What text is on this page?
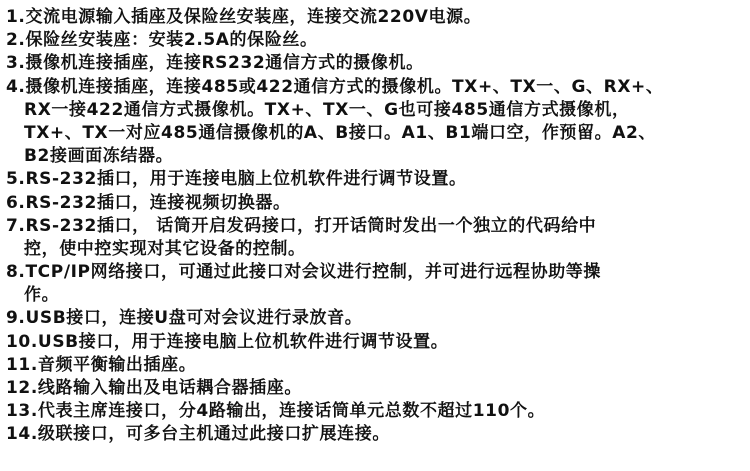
1.交流电源输入插座及保险丝安装座，连接交流220V电源。
2.保险丝安装座：安装2.5A的保险丝。
3.摄像机连接插座，连接RS232通信方式的摄像机。
4.摄像机连接插座，连接485或422通信方式的摄像机。TX+、TX一、G、RX+、
RX一接422通信方式摄像机。TX+、TX一、G也可接485通信方式摄像机，
TX+、TX一对应485通信摄像机的A、B接口。A1、B1端口空，作预留。A2、
B2接画面冻结器。
5.RS-232插口，用于连接电脑上位机软件进行调节设置。
6.RS-232插口，连接视频切换器。
7.RS-232插口， 话筒开启发码接口，打开话筒时发出一个独立的代码给中
控，使中控实现对其它设备的控制。
8.TCP/IP网络接口，可通过此接口对会议进行控制，并可进行远程协助等操
作。
9.USB接口，连接U盘可对会议进行录放音。
10.USB接口，用于连接电脑上位机软件进行调节设置。
11.音频平衡输出插座。
12.线路输入输出及电话耦合器插座。
13.代表主席连接口，分4路输出，连接话筒单元总数不超过110个。
14.级联接口，可多台主机通过此接口扩展连接。
